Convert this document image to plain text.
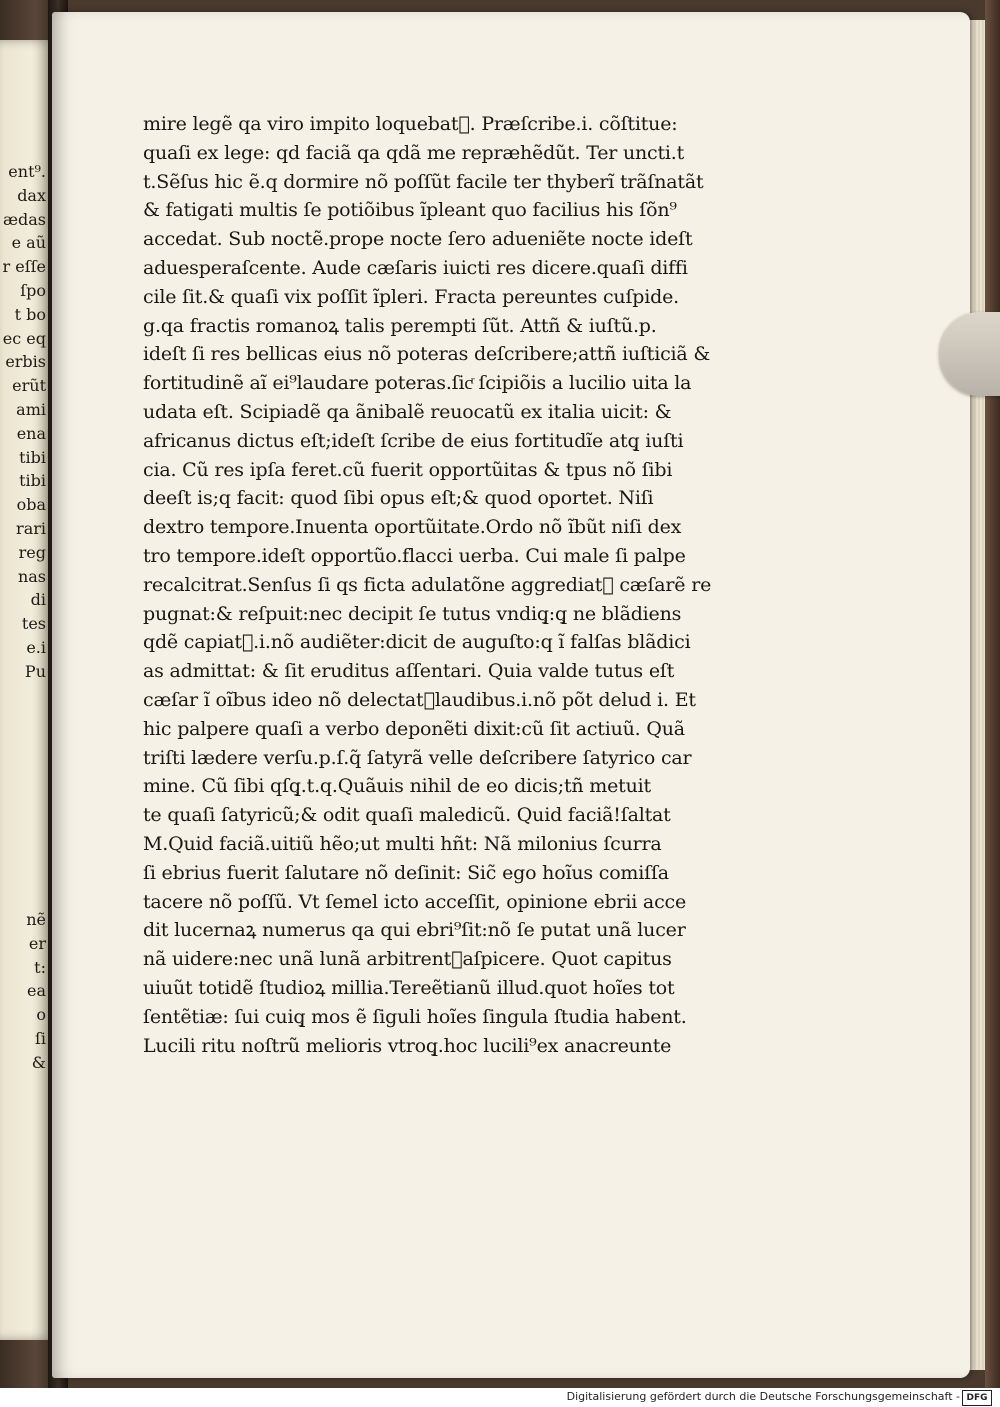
ent⁹.
dax
ædas
e aũ
r eſſe
ſpo
t bo
ec eq
erbis
erũt
ami
ena
tibi
tibi
oba
rari
reg
nas
di
tes
e.i
Pu
nẽ
er
t:
ea
o
ſi
&
mire legẽ qa viro impito loquebat᷑. Præſcribe.i. cõſtitue:
quaſi ex lege: qd faciã qa qdã me repræhẽdũt. Ter uncti.t
t.Sẽſus hic ẽ.q dormire nõ poſſũt facile ter thyberĩ trãſnatãt
& fatigati multis ſe potiõibus ĩpleant quo facilius his ſõn⁹
accedat. Sub noctẽ.prope nocte ſero adueniẽte nocte ideſt
aduesperaſcente. Aude cæſaris iuicti res dicere.quaſi diffi
cile ſit.& quaſi vix poſſit ĩpleri. Fracta pereuntes cuſpide.
g.qa fractis romanoꝝ talis perempti ſũt. Attñ & iuſtũ.p.
ideſt ſi res bellicas eius nõ poteras deſcribere;attñ iuſticiã &
fortitudinẽ aĩ ei⁹laudare poteras.ſicͬ ſcipiõis a lucilio uita la
udata eſt. Scipiadẽ qa ãnibalẽ reuocatũ ex italia uicit: &
africanus dictus eſt;ideſt ſcribe de eius fortitudĩe atq̧ iuſti
cia. Cũ res ipſa feret.cũ fuerit opportũitas & tpus nõ ſibi
deeſt is;q facit: quod ſibi opus eſt;& quod oportet. Niſi
dextro tempore.Inuenta oportũitate.Ordo nõ ĩbũt niſi dex
tro tempore.ideſt opportũo.flacci uerba. Cui male ſi palpe
recalcitrat.Senſus ſi qs ficta adulatõne aggrediat᷑ cæſarẽ re
pugnat:& reſpuit:nec decipit ſe tutus vndiq̧:q̧ ne blãdiens
qdẽ capiat᷑.i.nõ audiẽter:dicit de auguſto:q ĩ falſas blãdici
as admittat: & ſit eruditus aſſentari. Quia valde tutus eſt
cæſar ĩ oĩbus ideo nõ delectat᷑laudibus.i.nõ põt delud i. Et
hic palpere quaſi a verbo deponẽti dixit:cũ ſit actiuũ. Quã
triſti lædere verſu.p.ſ.q̃ ſatyrã velle deſcribere ſatyrico car
mine. Cũ ſibi qſq̧.t.q.Quãuis nihil de eo dicis;tñ metuit
te quaſi ſatyricũ;& odit quaſi maledicũ. Quid faciã!ſaltat
M.Quid faciã.uitiũ hẽo;ut multi hñt: Nã milonius ſcurra
ſi ebrius fuerit ſalutare nõ deſinit: Sic̃ ego hoĩus comiſſa
tacere nõ poſſũ. Vt ſemel icto acceſſit, opinione ebrii acce
dit lucernaꝝ numerus qa qui ebri⁹ſit:nõ ſe putat unã lucer
nã uidere:nec unã lunã arbitrent᷑aſpicere. Quot capitus
uiuũt totidẽ ſtudioꝝ millia.Tereẽtianũ illud.quot hoĩes tot
ſentẽtiæ: ſui cuiq̧ mos ẽ ſiguli hoĩes ſingula ſtudia habent.
Lucili ritu noſtrũ melioris vtroq̧.hoc lucili⁹ex anacreunte
Digitalisierung gefördert durch die Deutsche Forschungsgemeinschaft - DFG
